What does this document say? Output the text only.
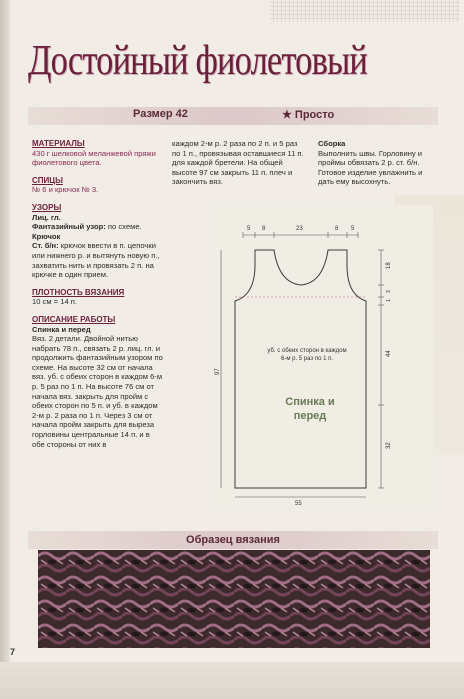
Достойный фиолетовый
Размер 42	★ Просто

МАТЕРИАЛЫ

430 г шелковой меланжевой пряжи фиолетового цвета.

СПИЦЫ

№ 6 и крючок № 3.

УЗОРЫ

Лиц. гл.

Фантазийный узор: по схеме.

Крючок

Ст. б/н: крючок ввести в п. цепочки или нижнего р. и вытянуть новую п., захватить нить и провязать 2 п. на крючке в один прием.

ПЛОТНОСТЬ ВЯЗАНИЯ

10 см = 14 п.

ОПИСАНИЕ РАБОТЫ

Спинка и перед

Вяз. 2 детали. Двойной нитью набрать 78 п., связать 2 р. лиц. гл. и продолжить фантазийным узором по схеме. На высоте 32 см от начала вяз. уб. с обеих сторон в каждом 6-м р. 5 раз по 1 п. На высоте 76 см от начала вяз. закрыть для пройм с обеих сторон по 5 п. и уб. в каждом 2-м р. 2 раза по 1 п. Через 3 см от начала пройм закрыть для выреза горловины центральные 14 п. и в обе стороны от них в

каждом 2-м р. 2 раза по 2 п. и 5 раз по 1 п., провязывая оставшиеся 11 п. для каждой бретели. На общей высоте 97 см закрыть 11 п. плеч и закончить вяз.

Сборка

Выполнить швы. Горловину и проймы обвязать 2 р. ст. б/н. Готовое изделие увлажнить и дать ему высохнуть.

5 8	23	8 5
97
18
3
1
44
32
55
уб. с обеих сторон в каждом 6-м р. 5 раз по 1 п.
Спинка и перед
Образец вязания
7
